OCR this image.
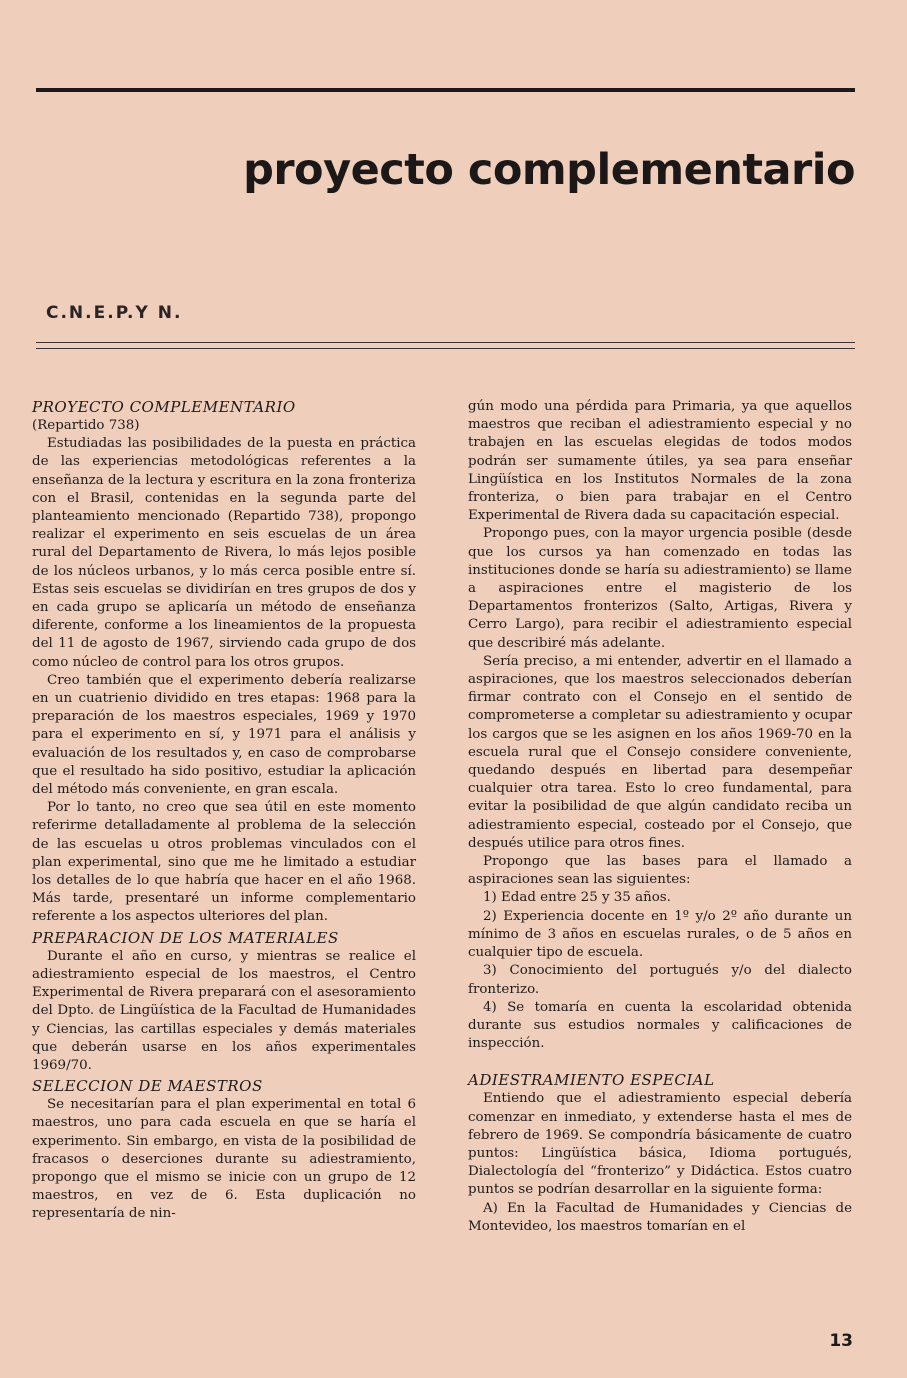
proyecto complementario
C.N.E.P.Y N.
PROYECTO COMPLEMENTARIO

(Repartido 738)

Estudiadas las posibilidades de la puesta en práctica de las experiencias metodológicas referentes a la enseñanza de la lectura y escritura en la zona fronteriza con el Brasil, contenidas en la segunda parte del planteamiento mencionado (Repartido 738), propongo realizar el experimento en seis escuelas de un área rural del Departamento de Rivera, lo más lejos posible de los núcleos urbanos, y lo más cerca posible entre sí. Estas seis escuelas se dividirían en tres grupos de dos y en cada grupo se aplicaría un método de enseñanza diferente, conforme a los lineamientos de la propuesta del 11 de agosto de 1967, sirviendo cada grupo de dos como núcleo de control para los otros grupos.

Creo también que el experimento debería realizarse en un cuatrienio dividido en tres etapas: 1968 para la preparación de los maestros especiales, 1969 y 1970 para el experimento en sí, y 1971 para el análisis y evaluación de los resultados y, en caso de comprobarse que el resultado ha sido positivo, estudiar la aplicación del método más conveniente, en gran escala.

Por lo tanto, no creo que sea útil en este momento referirme detalladamente al problema de la selección de las escuelas u otros problemas vinculados con el plan experimental, sino que me he limitado a estudiar los detalles de lo que habría que hacer en el año 1968. Más tarde, presentaré un informe complementario referente a los aspectos ulteriores del plan.

PREPARACION DE LOS MATERIALES

Durante el año en curso, y mientras se realice el adiestramiento especial de los maestros, el Centro Experimental de Rivera preparará con el asesoramiento del Dpto. de Lingüística de la Facultad de Humanidades y Ciencias, las cartillas especiales y demás materiales que deberán usarse en los años experimentales 1969/70.

SELECCION DE MAESTROS

Se necesitarían para el plan experimental en total 6 maestros, uno para cada escuela en que se haría el experimento. Sin embargo, en vista de la posibilidad de fracasos o deserciones durante su adiestramiento, propongo que el mismo se inicie con un grupo de 12 maestros, en vez de 6. Esta duplicación no representaría de nin-

gún modo una pérdida para Primaria, ya que aquellos maestros que reciban el adiestramiento especial y no trabajen en las escuelas elegidas de todos modos podrán ser sumamente útiles, ya sea para enseñar Lingüística en los Institutos Normales de la zona fronteriza, o bien para trabajar en el Centro Experimental de Rivera dada su capacitación especial.

Propongo pues, con la mayor urgencia posible (desde que los cursos ya han comenzado en todas las instituciones donde se haría su adiestramiento) se llame a aspiraciones entre el magisterio de los Departamentos fronterizos (Salto, Artigas, Rivera y Cerro Largo), para recibir el adiestramiento especial que describiré más adelante.

Sería preciso, a mi entender, advertir en el llamado a aspiraciones, que los maestros seleccionados deberían firmar contrato con el Consejo en el sentido de comprometerse a completar su adiestramiento y ocupar los cargos que se les asignen en los años 1969-70 en la escuela rural que el Consejo considere conveniente, quedando después en libertad para desempeñar cualquier otra tarea. Esto lo creo fundamental, para evitar la posibilidad de que algún candidato reciba un adiestramiento especial, costeado por el Consejo, que después utilice para otros fines.

Propongo que las bases para el llamado a aspiraciones sean las siguientes:

1) Edad entre 25 y 35 años.

2) Experiencia docente en 1º y/o 2º año durante un mínimo de 3 años en escuelas rurales, o de 5 años en cualquier tipo de escuela.

3) Conocimiento del portugués y/o del dialecto fronterizo.

4) Se tomaría en cuenta la escolaridad obtenida durante sus estudios normales y calificaciones de inspección.

ADIESTRAMIENTO ESPECIAL

Entiendo que el adiestramiento especial debería comenzar en inmediato, y extenderse hasta el mes de febrero de 1969. Se compondría básicamente de cuatro puntos: Lingüística básica, Idioma portugués, Dialectología del “fronterizo” y Didáctica. Estos cuatro puntos se podrían desarrollar en la siguiente forma:

A) En la Facultad de Humanidades y Ciencias de Montevideo, los maestros tomarían en el

13
